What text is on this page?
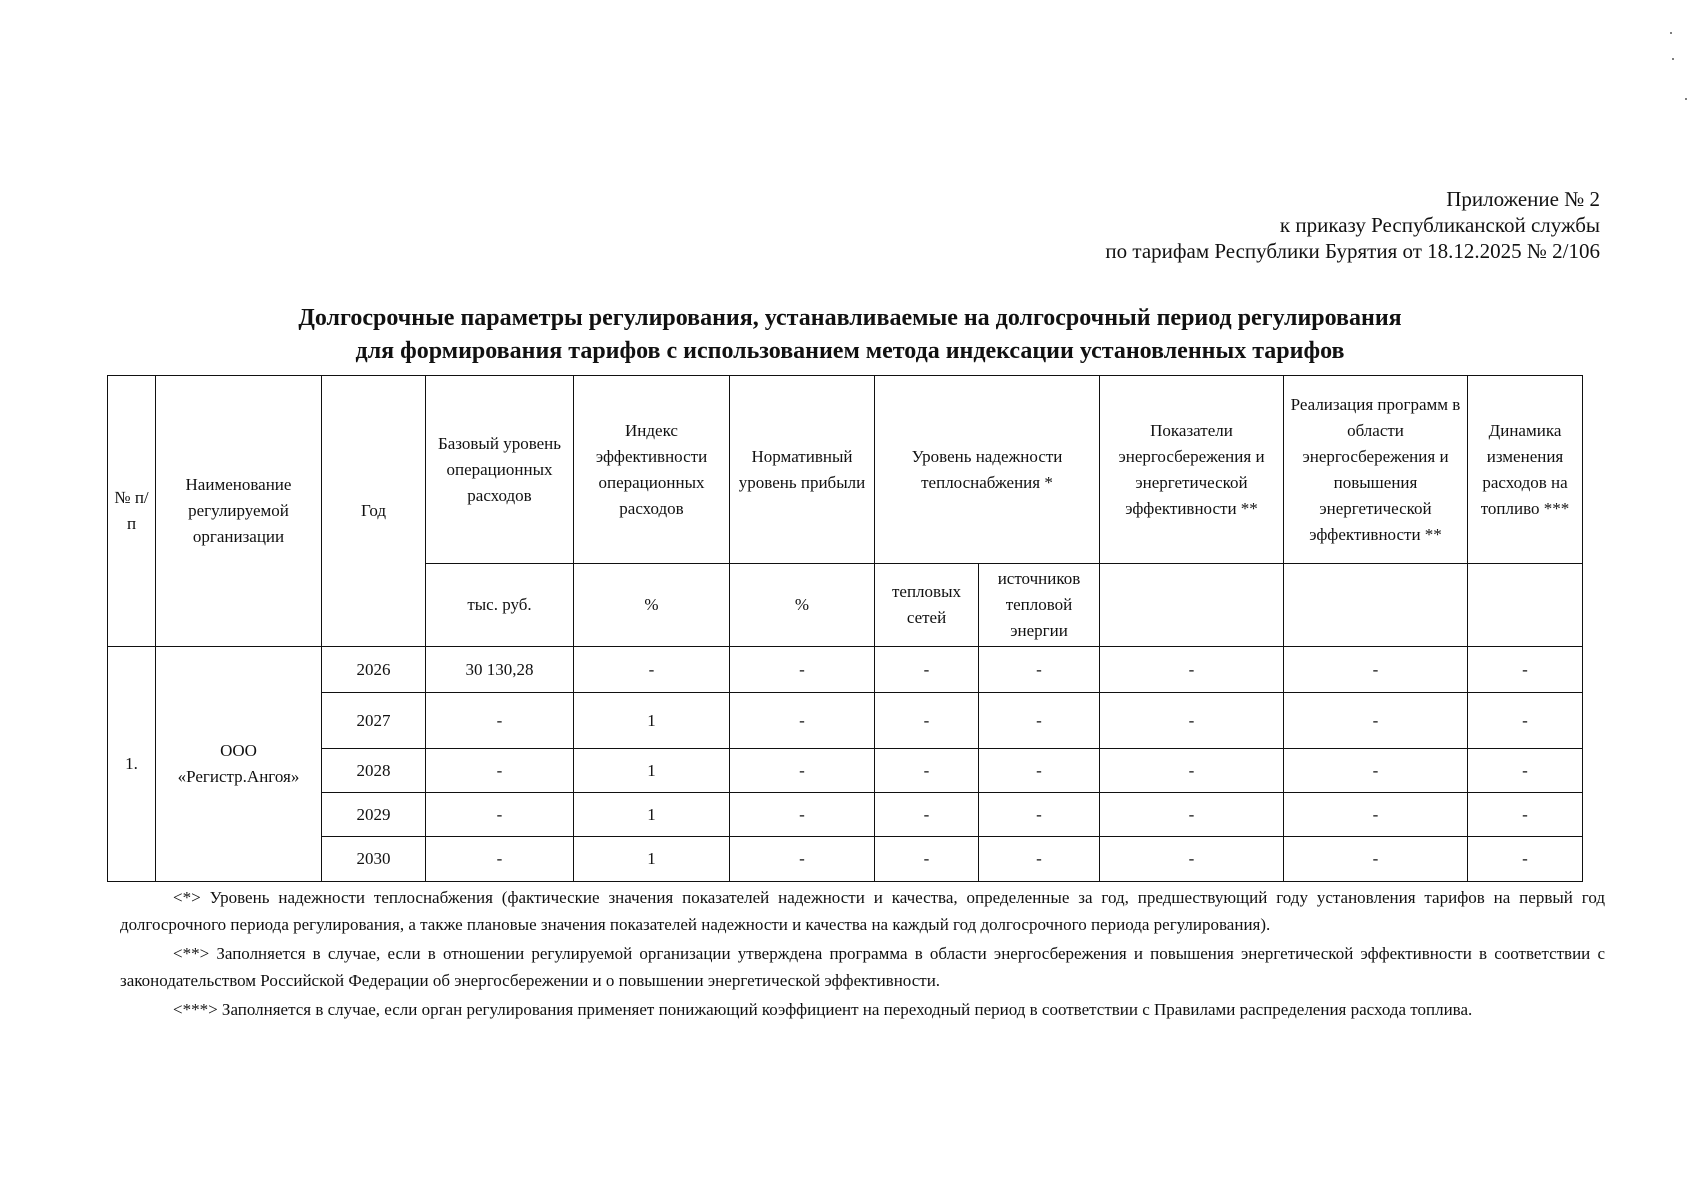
Приложение № 2
к приказу Республиканской службы
по тарифам Республики Бурятия от 18.12.2025 № 2/106
Долгосрочные параметры регулирования, устанавливаемые на долгосрочный период регулирования
для формирования тарифов с использованием метода индексации установленных тарифов
№ п/п	Наименование регулируемой организации	Год	Базовый уровень операционных расходов	Индекс эффективности операционных расходов	Нормативный уровень прибыли	Уровень надежности теплоснабжения *		Показатели энергосбережения и энергетической эффективности **	Реализация программ в области энергосбережения и повышения энергетической эффективности **	Динамика изменения расходов на топливо ***
			тыс. руб.	%	%	тепловых сетей	источников тепловой энергии			
1.	ООО «Регистр.Ангоя»	2026	30 130,28	-	-	-	-	-	-	-
		2027	-	1	-	-	-	-	-	-
		2028	-	1	-	-	-	-	-	-
		2029	-	1	-	-	-	-	-	-
		2030	-	1	-	-	-	-	-	-

<*> Уровень надежности теплоснабжения (фактические значения показателей надежности и качества, определенные за год, предшествующий году установления тарифов на первый год долгосрочного периода регулирования, а также плановые значения показателей надежности и качества на каждый год долгосрочного периода регулирования).

<**> Заполняется в случае, если в отношении регулируемой организации утверждена программа в области энергосбережения и повышения энергетической эффективности в соответствии с законодательством Российской Федерации об энергосбережении и о повышении энергетической эффективности.

<***> Заполняется в случае, если орган регулирования применяет понижающий коэффициент на переходный период в соответствии с Правилами распределения расхода топлива.
